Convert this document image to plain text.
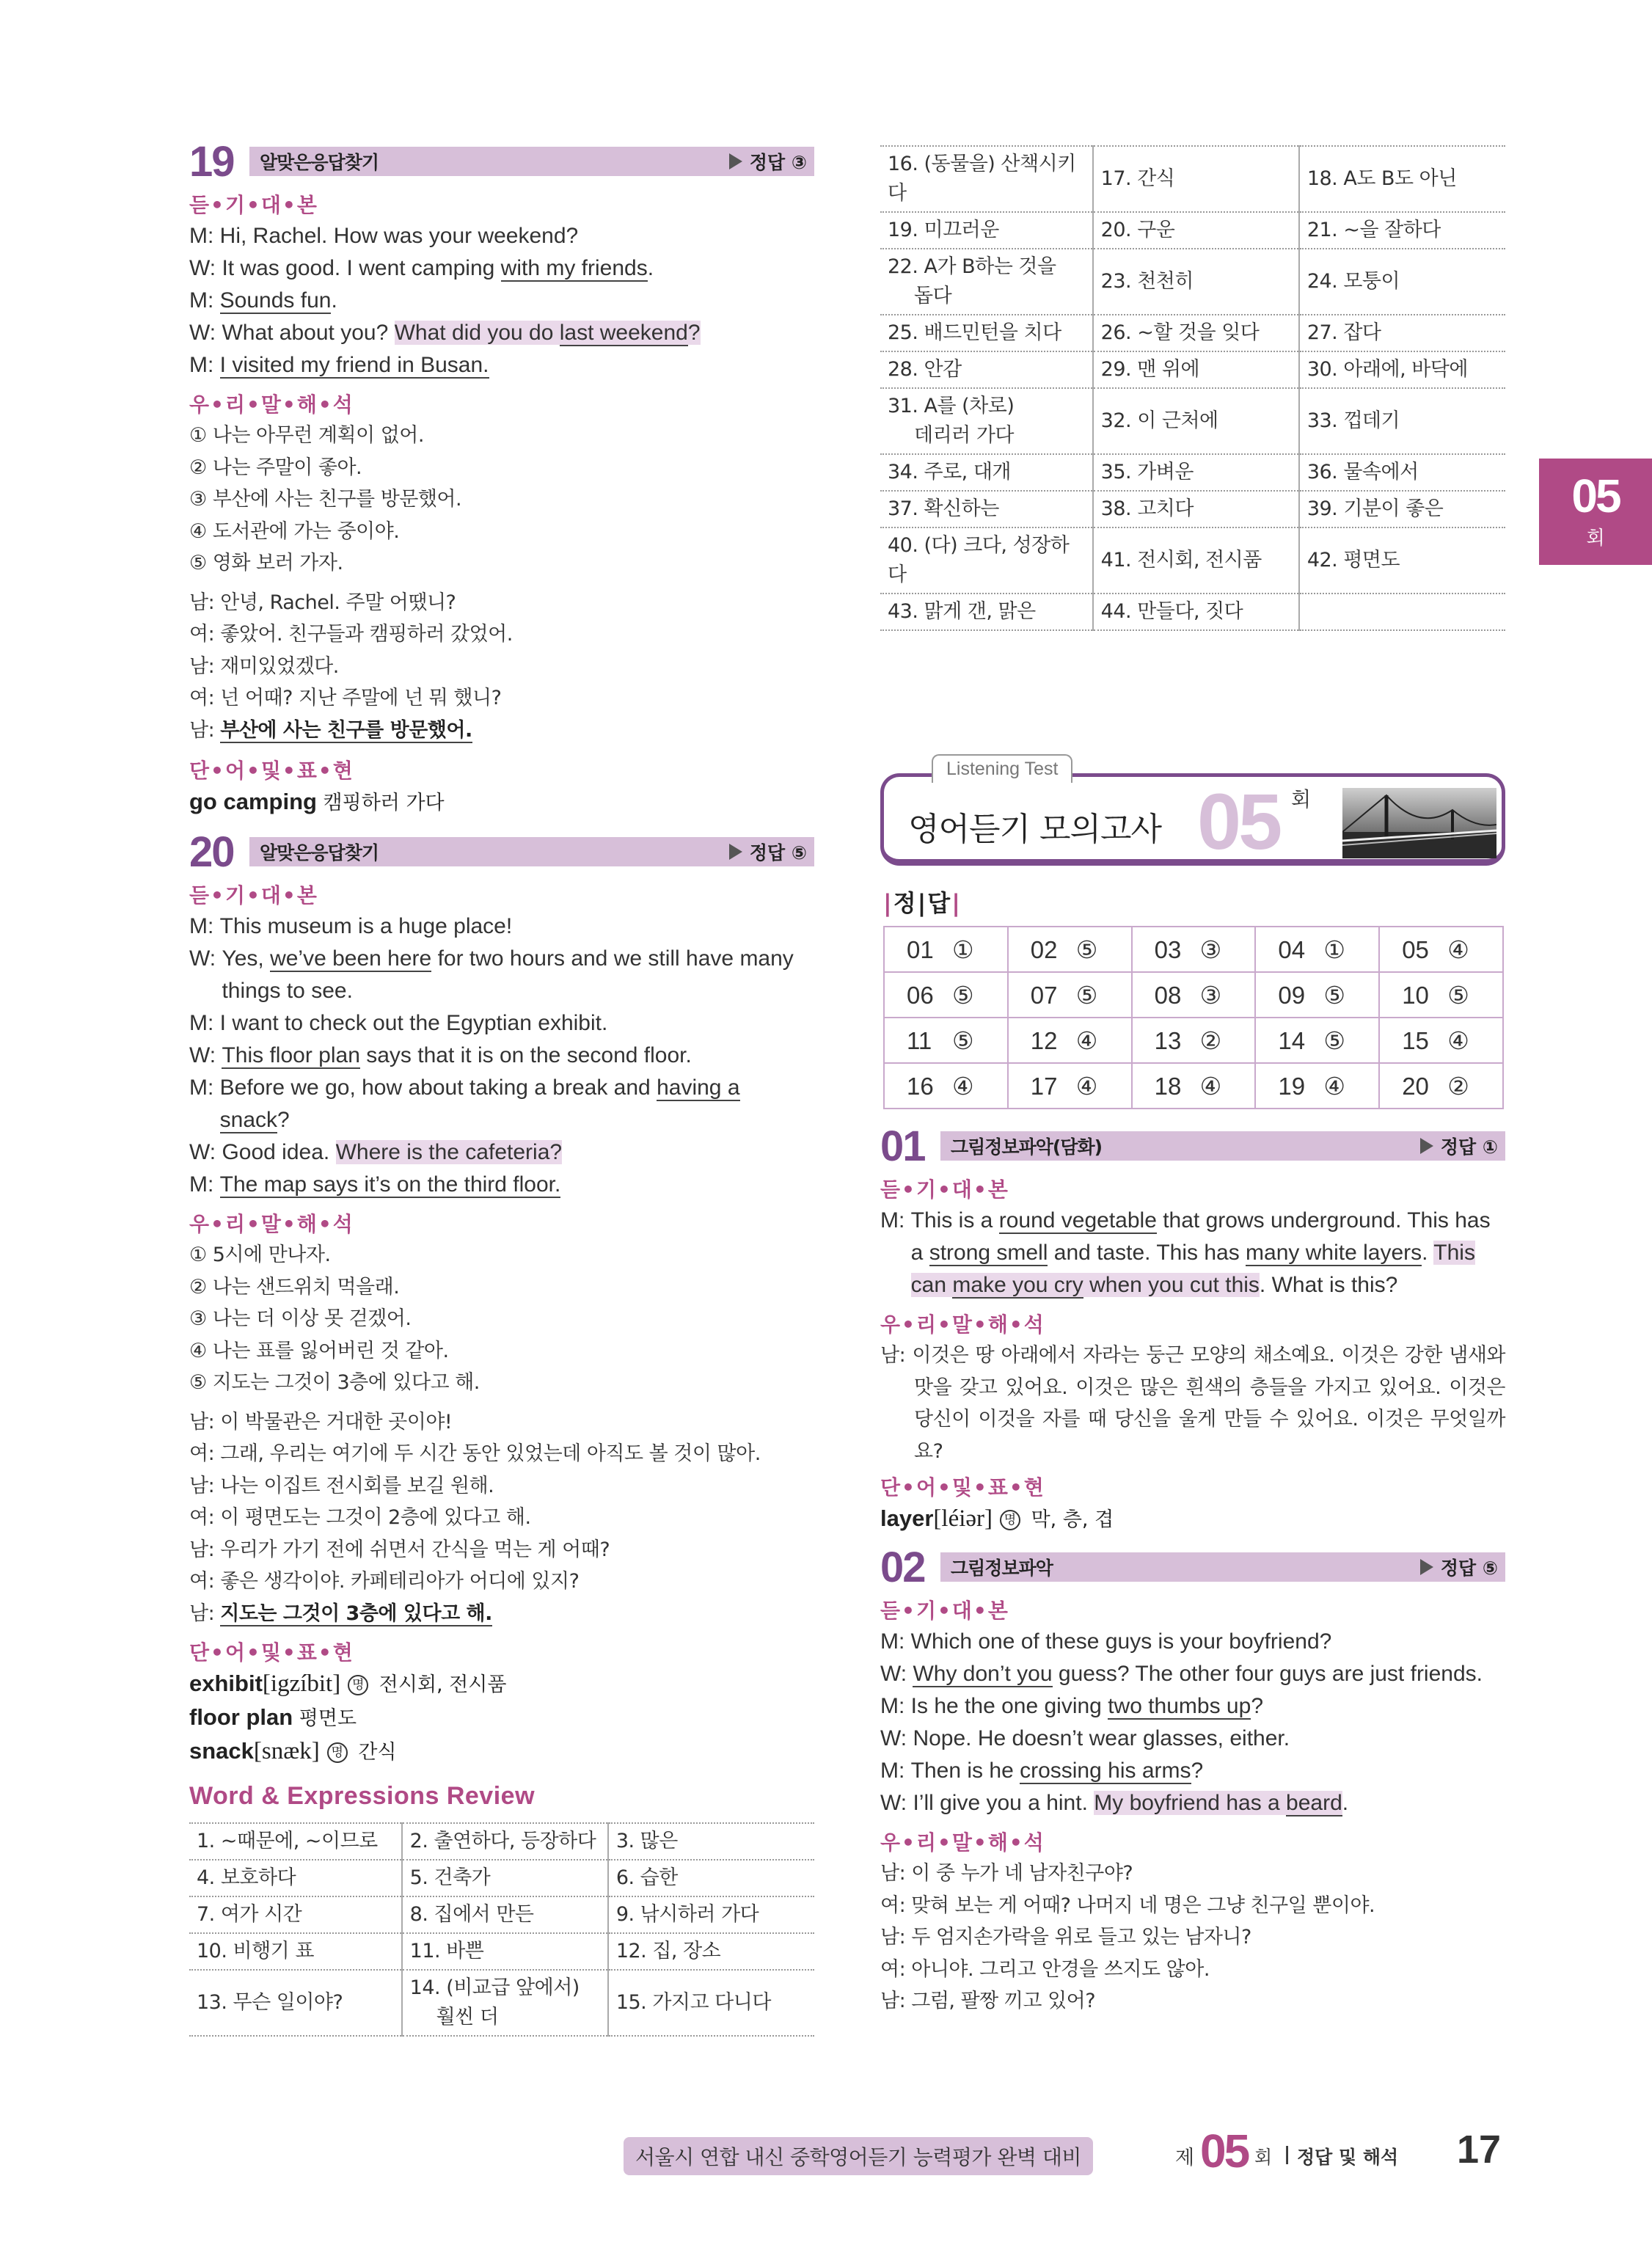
19	알맞은응답찾기	정답 ③
듣•기•대•본
M: Hi, Rachel. How was your weekend?
W: It was good. I went camping with my friends.
M: Sounds fun.
W: What about you? What did you do last weekend?
M: I visited my friend in Busan.
우•리•말•해•석
① 나는 아무런 계획이 없어.
② 나는 주말이 좋아.
③ 부산에 사는 친구를 방문했어.
④ 도서관에 가는 중이야.
⑤ 영화 보러 가자.
남: 안녕, Rachel. 주말 어땠니?
여: 좋았어. 친구들과 캠핑하러 갔었어.
남: 재미있었겠다.
여: 넌 어때? 지난 주말에 넌 뭐 했니?
남: 부산에 사는 친구를 방문했어.
단•어•및•표•현
go camping 캠핑하러 가다
20	알맞은응답찾기	정답 ⑤
듣•기•대•본
M: This museum is a huge place!
W: Yes, we’ve been here for two hours and we still have many things to see.
M: I want to check out the Egyptian exhibit.
W: This floor plan says that it is on the second floor.
M: Before we go, how about taking a break and having a snack?
W: Good idea. Where is the cafeteria?
M: The map says it’s on the third floor.
우•리•말•해•석
① 5시에 만나자.
② 나는 샌드위치 먹을래.
③ 나는 더 이상 못 걷겠어.
④ 나는 표를 잃어버린 것 같아.
⑤ 지도는 그것이 3층에 있다고 해.
남: 이 박물관은 거대한 곳이야!
여: 그래, 우리는 여기에 두 시간 동안 있었는데 아직도 볼 것이 많아.
남: 나는 이집트 전시회를 보길 원해.
여: 이 평면도는 그것이 2층에 있다고 해.
남: 우리가 가기 전에 쉬면서 간식을 먹는 게 어때?
여: 좋은 생각이야. 카페테리아가 어디에 있지?
남: 지도는 그것이 3층에 있다고 해.
단•어•및•표•현
exhibit[igzíbit] 명 전시회, 전시품
floor plan 평면도
snack[snæk] 명 간식
Word & Expressions Review
1. ~때문에, ~이므로	2. 출연하다, 등장하다	3. 많은

4. 보호하다	5. 건축가	6. 습한

7. 여가 시간	8. 집에서 만든	9. 낚시하러 가다

10. 비행기 표	11. 바쁜	12. 집, 장소

13. 무슨 일이야?	14. (비교급 앞에서)
훨씬 더	15. 가지고 다니다
16. (동물을) 산책시키다	17. 간식	18. A도 B도 아닌

19. 미끄러운	20. 구운	21. ~을 잘하다

22. A가 B하는 것을
돕다	23. 천천히	24. 모퉁이

25. 배드민턴을 치다	26. ~할 것을 잊다	27. 잡다

28. 안감	29. 맨 위에	30. 아래에, 바닥에

31. A를 (차로)
데리러 가다	32. 이 근처에	33. 껍데기

34. 주로, 대개	35. 가벼운	36. 물속에서

37. 확신하는	38. 고치다	39. 기분이 좋은

40. (다) 크다, 성장하다	41. 전시회, 전시품	42. 평면도

43. 맑게 갠, 맑은	44. 만들다, 짓다	

Listening Test
영어듣기 모의고사 05 회
|정|답|
01 ①	02 ⑤	03 ③	04 ①	05 ④
06 ⑤	07 ⑤	08 ③	09 ⑤	10 ⑤
11 ⑤	12 ④	13 ②	14 ⑤	15 ④
16 ④	17 ④	18 ④	19 ④	20 ②
01	그림정보파악(담화)	정답 ①
듣•기•대•본
M: This is a round vegetable that grows underground. This has a strong smell and taste. This has many white layers. This can make you cry when you cut this. What is this?
우•리•말•해•석
남: 이것은 땅 아래에서 자라는 둥근 모양의 채소예요. 이것은 강한 냄새와 맛을 갖고 있어요. 이것은 많은 흰색의 층들을 가지고 있어요. 이것은 당신이 이것을 자를 때 당신을 울게 만들 수 있어요. 이것은 무엇일까요?
단•어•및•표•현
layer[léiər] 명 막, 층, 겹
02	그림정보파악	정답 ⑤
듣•기•대•본
M: Which one of these guys is your boyfriend?
W: Why don’t you guess? The other four guys are just friends.
M: Is he the one giving two thumbs up?
W: Nope. He doesn’t wear glasses, either.
M: Then is he crossing his arms?
W: I’ll give you a hint. My boyfriend has a beard.
우•리•말•해•석
남: 이 중 누가 네 남자친구야?
여: 맞혀 보는 게 어때? 나머지 네 명은 그냥 친구일 뿐이야.
남: 두 엄지손가락을 위로 들고 있는 남자니?
여: 아니야. 그리고 안경을 쓰지도 않아.
남: 그럼, 팔짱 끼고 있어?
05
회
서울시 연합 내신 중학영어듣기 능력평가 완벽 대비	제 05 회 | 정답 및 해석 17
